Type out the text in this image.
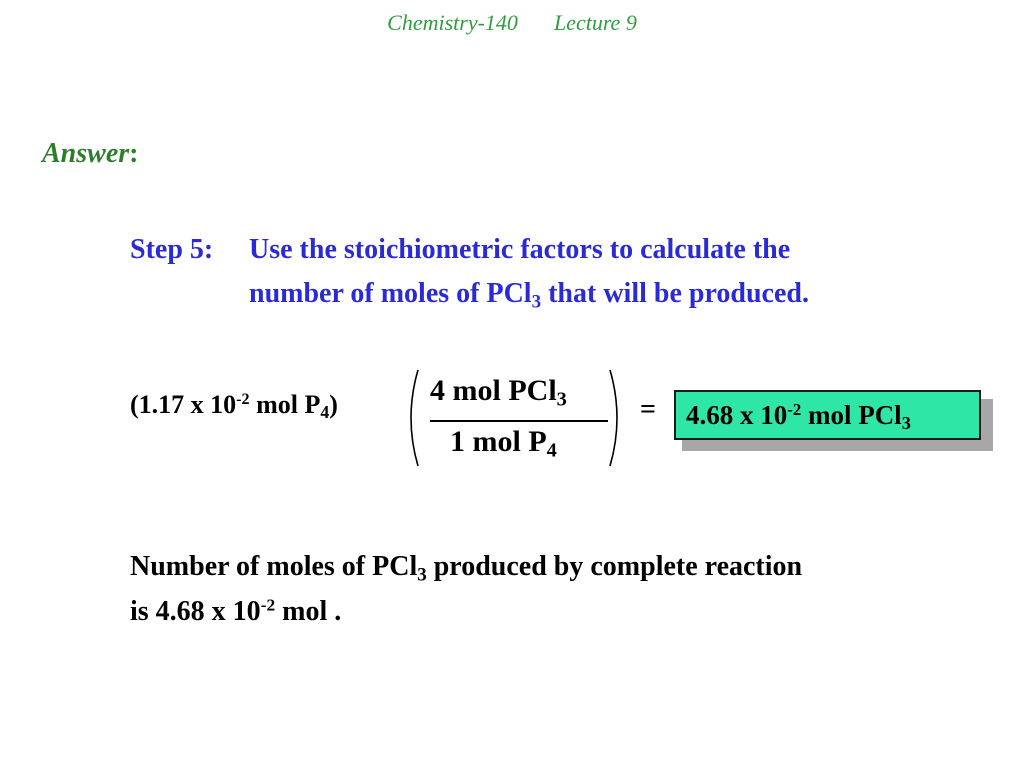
Chemistry-140 Lecture 9
Answer:
Step 5: Use the stoichiometric factors to calculate the
number of moles of PCl$_3$ that will be produced.
(1.17 x $10^{-2}$ mol $P_4$)	4 mol PCl$_3$
1 mol $P_4$
= 4.68 x $10^{-2}$ mol PCl$_3$
Number of moles of PCl$_3$ produced by complete reaction
is 4.68 x $10^{-2}$ mol .
